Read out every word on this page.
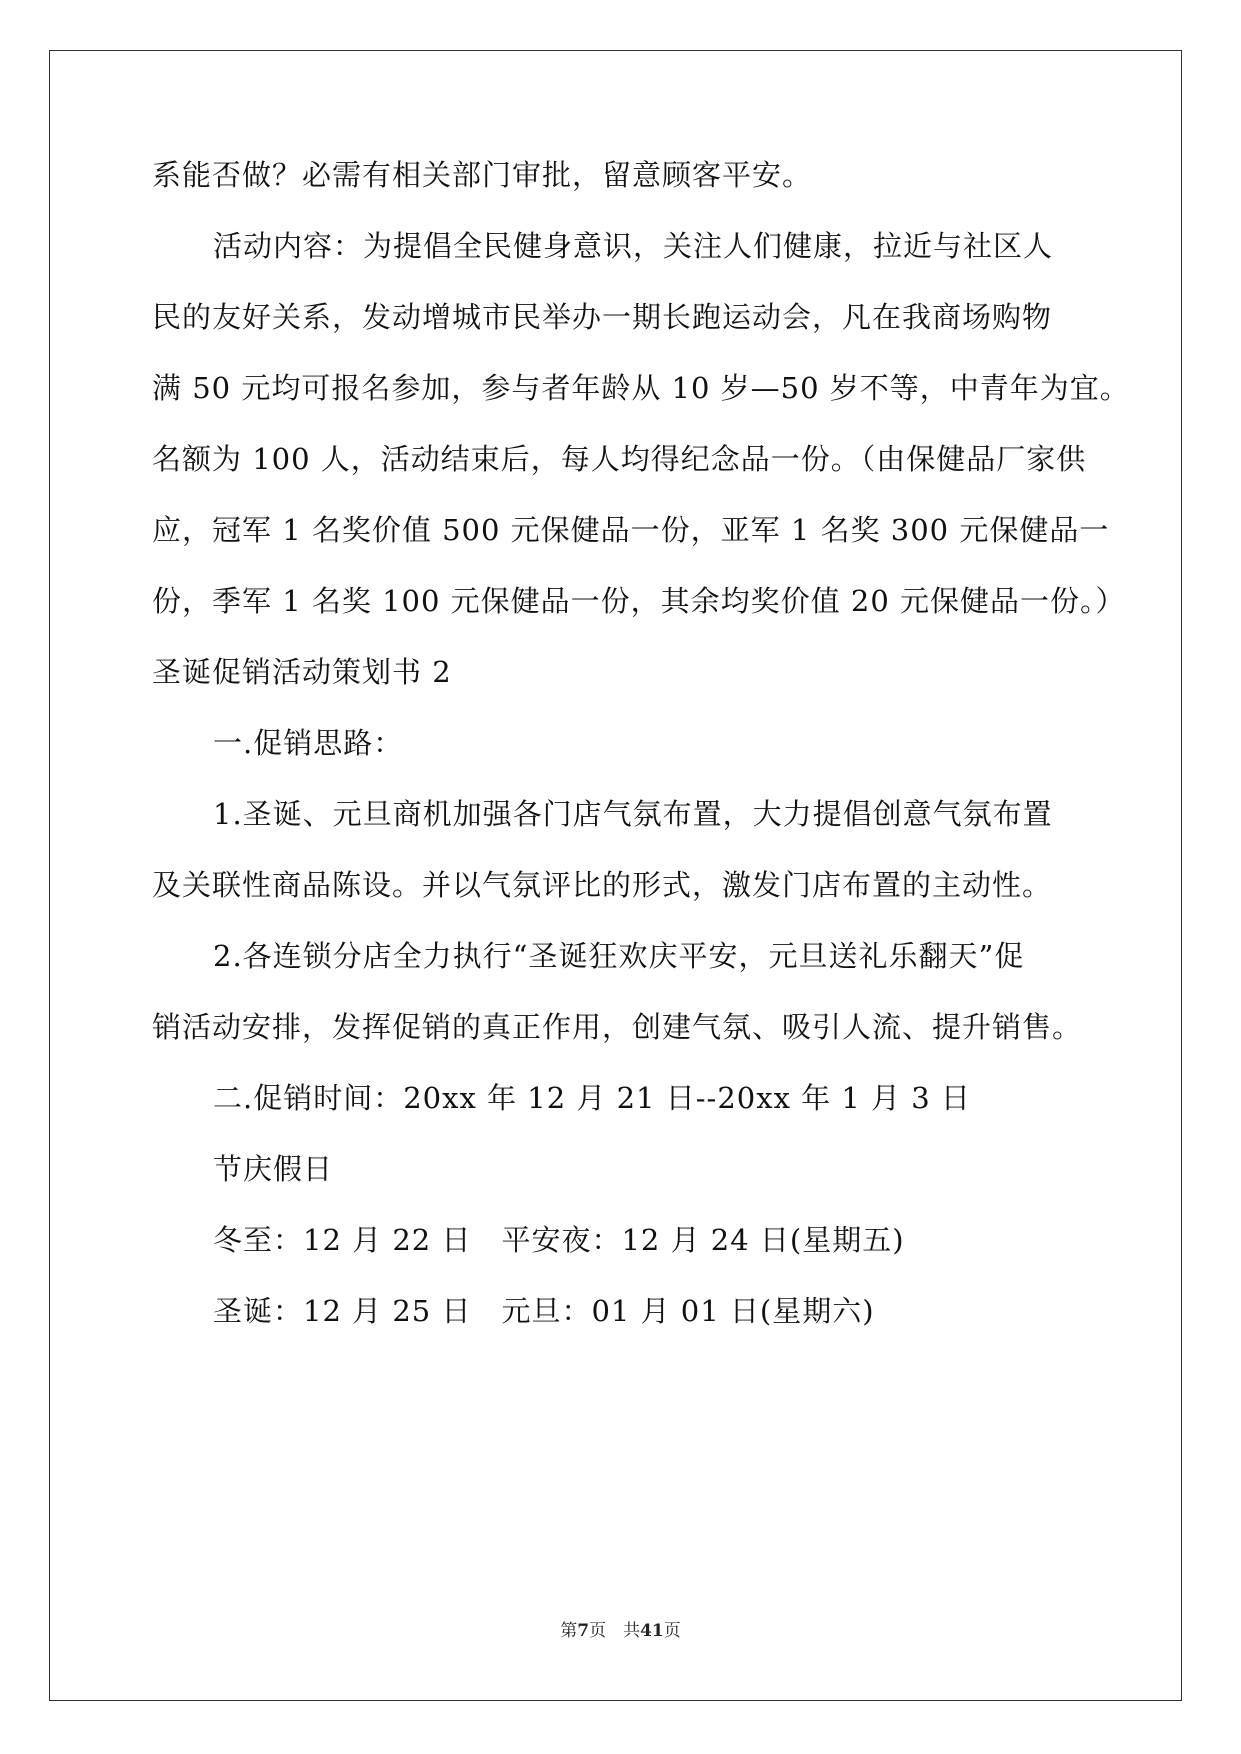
系能否做？必需有相关部门审批，留意顾客平安。
活动内容：为提倡全民健身意识，关注人们健康，拉近与社区人
民的友好关系，发动增城市民举办一期长跑运动会，凡在我商场购物
满 50 元均可报名参加，参与者年龄从 10 岁—50 岁不等，中青年为宜。
名额为 100 人，活动结束后，每人均得纪念品一份。（由保健品厂家供
应，冠军 1 名奖价值 500 元保健品一份，亚军 1 名奖 300 元保健品一
份，季军 1 名奖 100 元保健品一份，其余均奖价值 20 元保健品一份。）
圣诞促销活动策划书 2
一.促销思路：
1.圣诞、元旦商机加强各门店气氛布置，大力提倡创意气氛布置
及关联性商品陈设。并以气氛评比的形式，激发门店布置的主动性。
2.各连锁分店全力执行“圣诞狂欢庆平安，元旦送礼乐翻天”促
销活动安排，发挥促销的真正作用，创建气氛、吸引人流、提升销售。
二.促销时间：20xx 年 12 月 21 日--20xx 年 1 月 3 日
节庆假日
冬至：12 月 22 日　平安夜：12 月 24 日(星期五)
圣诞：12 月 25 日　元旦：01 月 01 日(星期六)
第7页　共41页
